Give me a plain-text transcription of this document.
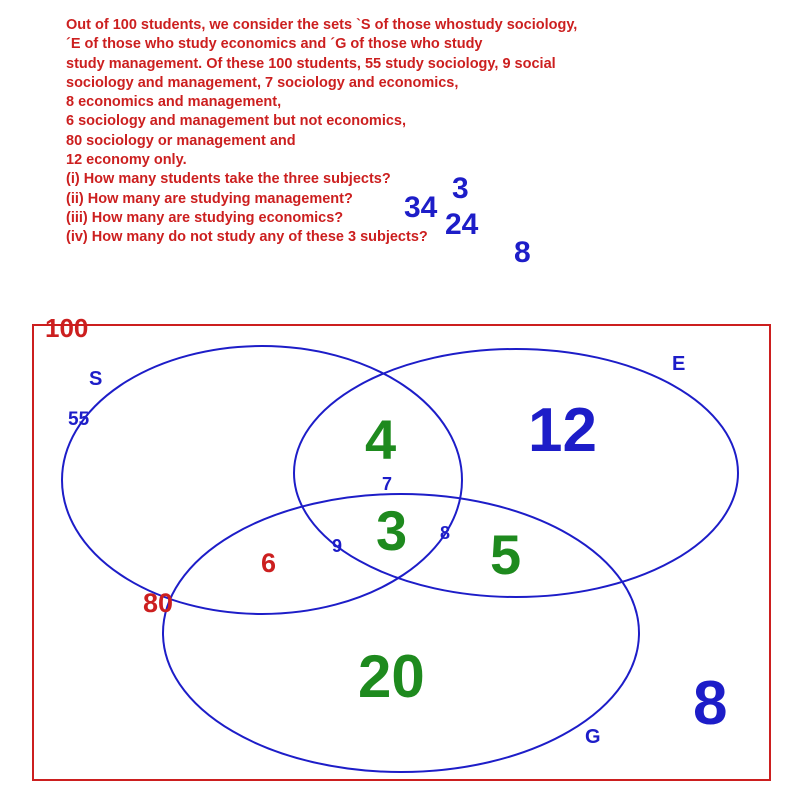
Out of 100 students, we consider the sets `S of those whostudy sociology,
´E of those who study economics and ´G of those who study
study management. Of these 100 students, 55 study sociology, 9 social
sociology and management, 7 sociology and economics,
8 economics and management,
6 sociology and management but not economics,
80 sociology or management and
12 economy only.
(i) How many students take the three subjects?
(ii) How many are studying management?
(iii) How many are studying economics?
(iv) How many do not study any of these 3 subjects?
3
34
24
8
100
S
E
G
55
7
9
8
80
6
4 12
3 5
20	8
